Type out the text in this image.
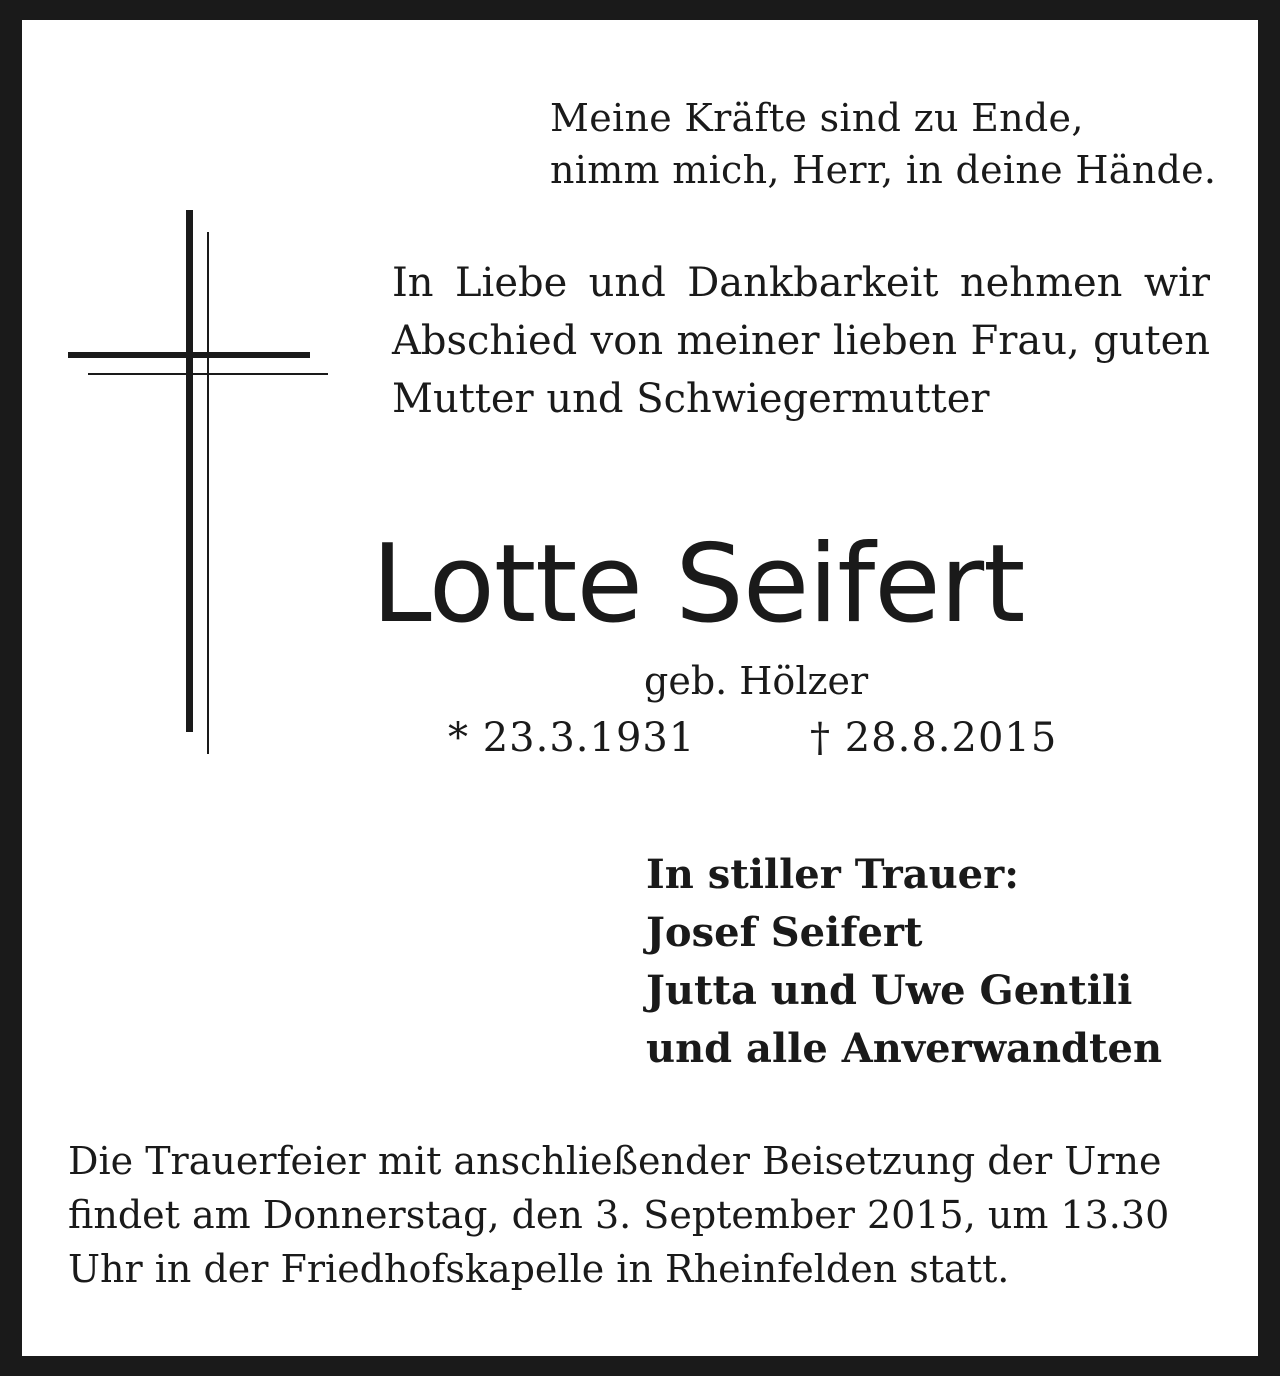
Meine Kräfte sind zu Ende,
nimm mich, Herr, in deine Hände.
In Liebe und Dankbarkeit nehmen wir
Abschied von meiner lieben Frau, guten
Mutter und Schwiegermutter
Lotte Seifert
geb. Hölzer
* 23.3.1931	† 28.8.2015
In stiller Trauer:
Josef Seifert
Jutta und Uwe Gentili
und alle Anverwandten
Die Trauerfeier mit anschließender Beisetzung der Urne
findet am Donnerstag, den 3. September 2015, um 13.30
Uhr in der Friedhofskapelle in Rheinfelden statt.
